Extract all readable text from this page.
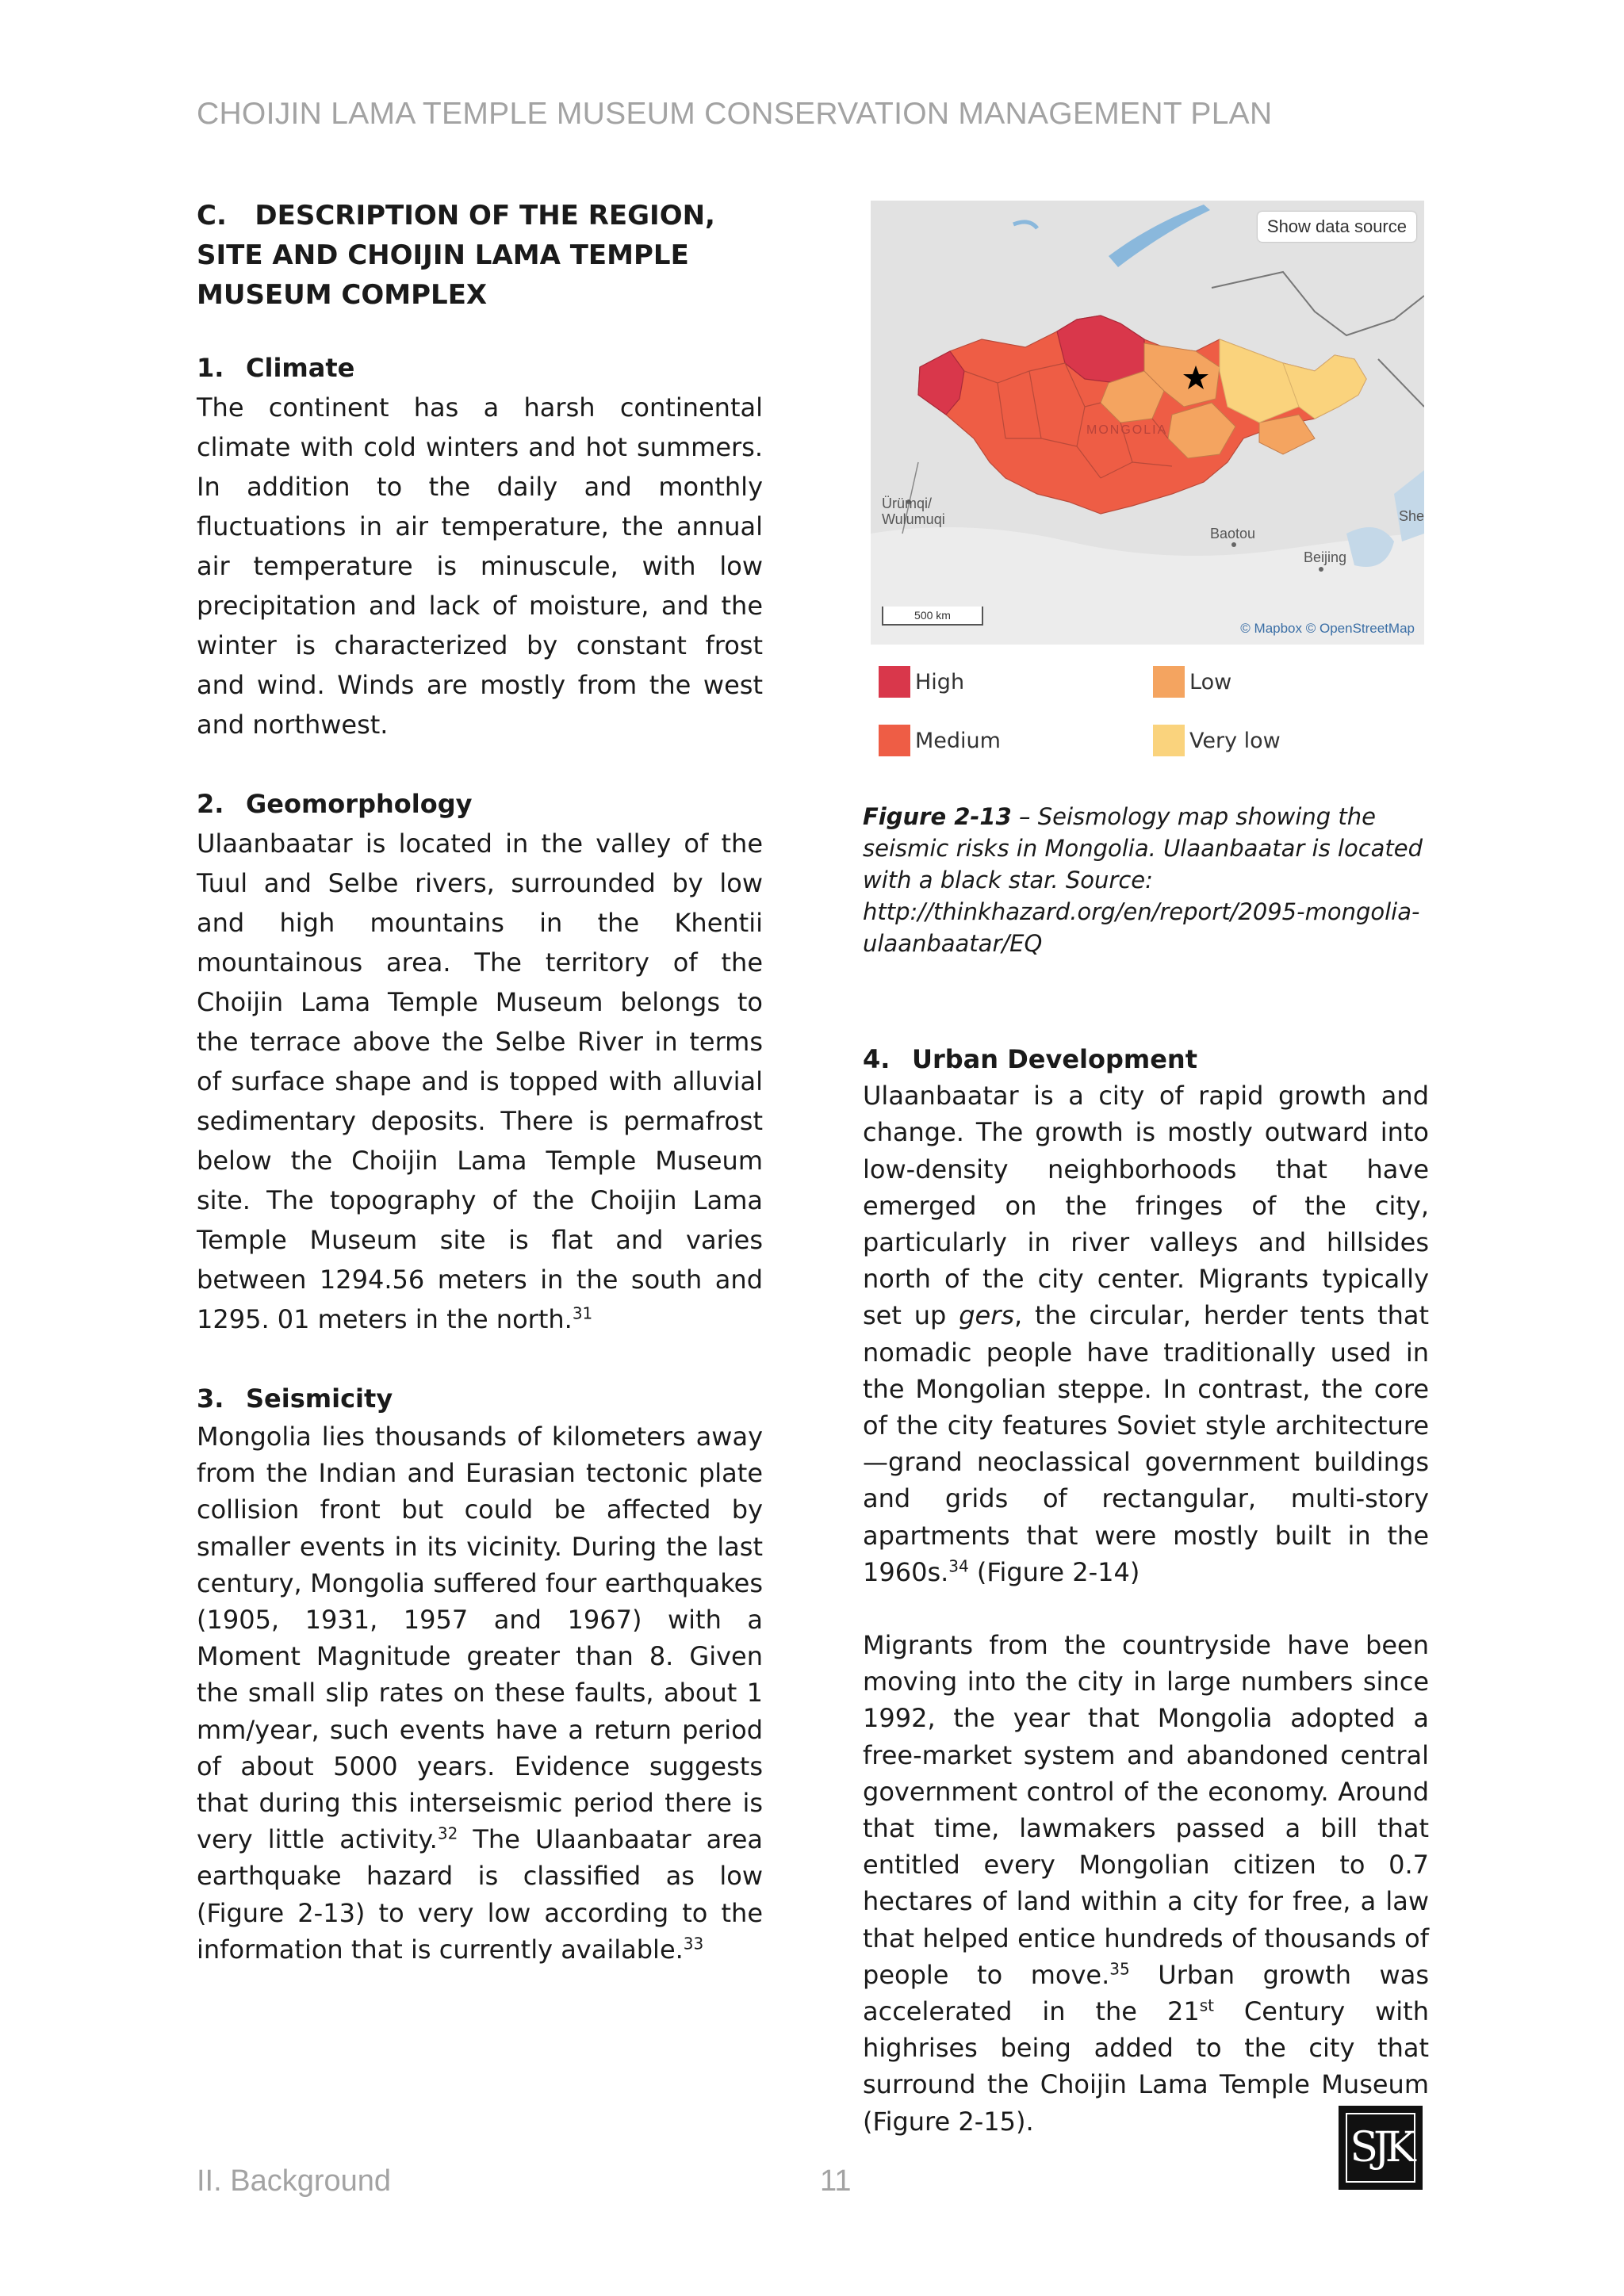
CHOIJIN LAMA TEMPLE MUSEUM CONSERVATION MANAGEMENT PLAN
C.   DESCRIPTION OF THE REGION, SITE AND CHOIJIN LAMA TEMPLE MUSEUM COMPLEX
1. Climate

The continent has a harsh continental climate with cold winters and hot summers. In addition to the daily and monthly fluctuations in air temperature, the annual air temperature is minuscule, with low precipitation and lack of moisture, and the winter is characterized by constant frost and wind. Winds are mostly from the west and northwest.

2. Geomorphology

Ulaanbaatar is located in the valley of the Tuul and Selbe rivers, surrounded by low and high mountains in the Khentii mountainous area. The territory of the Choijin Lama Temple Museum belongs to the terrace above the Selbe River in terms of surface shape and is topped with alluvial sedimentary deposits. There is permafrost below the Choijin Lama Temple Museum site. The topography of the Choijin Lama Temple Museum site is flat and varies between 1294.56 meters in the south and 1295. 01 meters in the north.$^{31}$

3. Seismicity

Mongolia lies thousands of kilometers away from the Indian and Eurasian tectonic plate collision front but could be affected by smaller events in its vicinity. During the last century, Mongolia suffered four earthquakes (1905, 1931, 1957 and 1967) with a Moment Magnitude greater than 8. Given the small slip rates on these faults, about 1 mm/year, such events have a return period of about 5000 years. Evidence suggests that during this interseismic period there is very little activity.$^{32}$ The Ulaanbaatar area earthquake hazard is classified as low (Figure 2-13) to very low according to the information that is currently available.$^{33}$

Show data source
MONGOLIA
Ürümqi/
Wulumuqi
Baotou
Beijing
She
500 km
© Mapbox © OpenStreetMap
High	Low
Medium	Very low
Figure 2-13 – Seismology map showing the seismic risks in Mongolia. Ulaanbaatar is located with a black star. Source: http://thinkhazard.org/en/report/2095-mongolia-ulaanbaatar/EQ
4. Urban Development

Ulaanbaatar is a city of rapid growth and change. The growth is mostly outward into low-density neighborhoods that have emerged on the fringes of the city, particularly in river valleys and hillsides north of the city center. Migrants typically set up gers, the circular, herder tents that nomadic people have traditionally used in the Mongolian steppe. In contrast, the core of the city features Soviet style architecture—grand neoclassical government buildings and grids of rectangular, multi-story apartments that were mostly built in the 1960s.$^{34}$ (Figure 2-14)

Migrants from the countryside have been moving into the city in large numbers since 1992, the year that Mongolia adopted a free-market system and abandoned central government control of the economy. Around that time, lawmakers passed a bill that entitled every Mongolian citizen to 0.7 hectares of land within a city for free, a law that helped entice hundreds of thousands of people to move.$^{35}$ Urban growth was accelerated in the 21st Century with highrises being added to the city that surround the Choijin Lama Temple Museum (Figure 2-15).

II. Background	11
SJK
